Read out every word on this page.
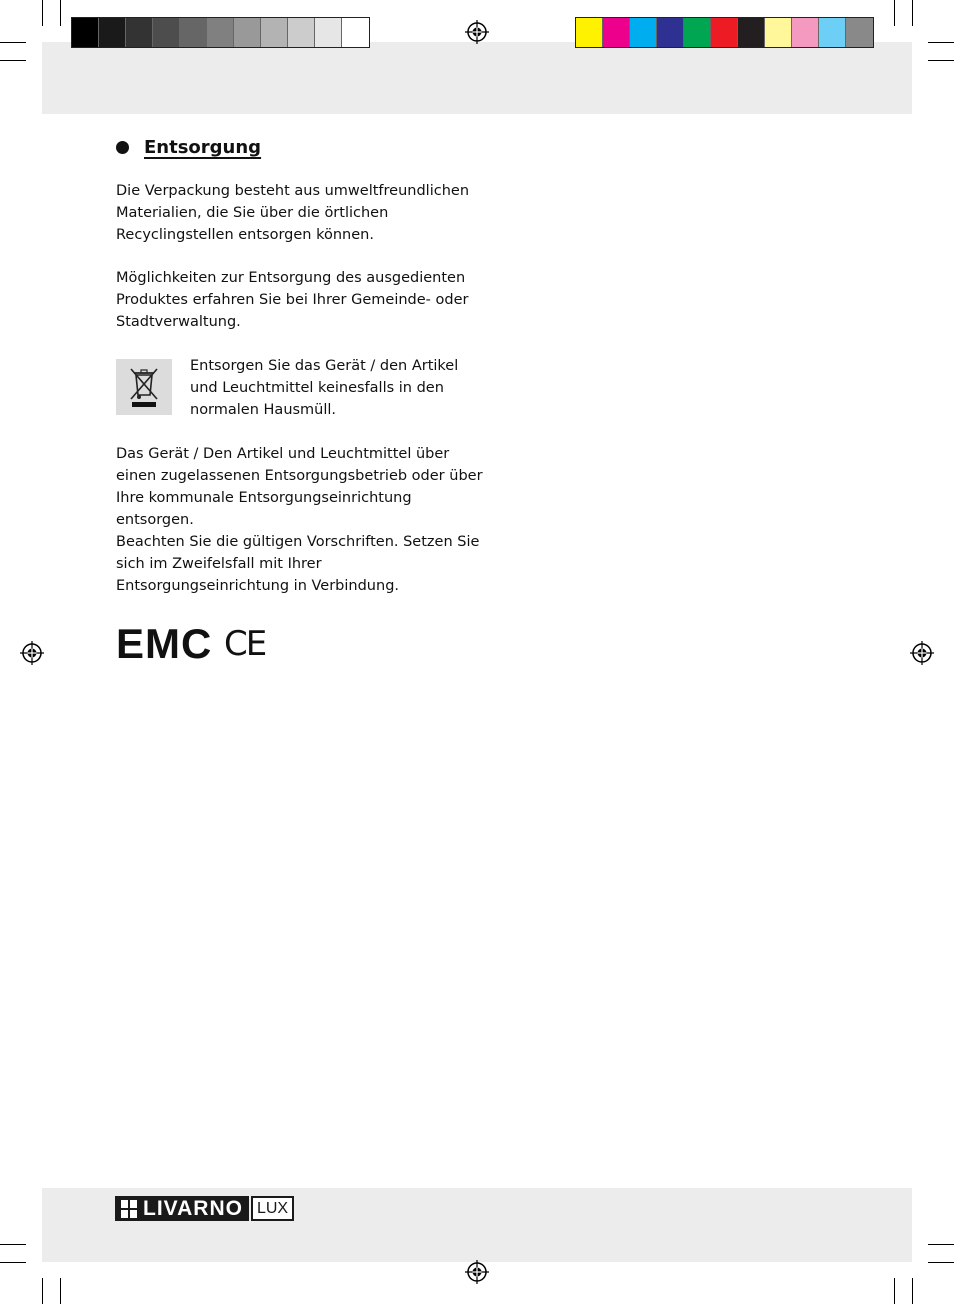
Entsorgung

Die Verpackung besteht aus umweltfreundlichen Materialien, die Sie über die örtlichen Recyclingstellen entsorgen können.

Möglichkeiten zur Entsorgung des ausgedienten Produktes erfahren Sie bei Ihrer Gemeinde- oder Stadtverwaltung.

Entsorgen Sie das Gerät / den Artikel und Leuchtmittel keinesfalls in den normalen Hausmüll.

Das Gerät / Den Artikel und Leuchtmittel über einen zugelassenen Entsorgungsbetrieb oder über Ihre kommunale Entsorgungseinrichtung entsorgen.

Beachten Sie die gültigen Vorschriften. Setzen Sie sich im Zweifelsfall mit Ihrer Entsorgungseinrichtung in Verbindung.

EMC CE
LIVARNO LUX
